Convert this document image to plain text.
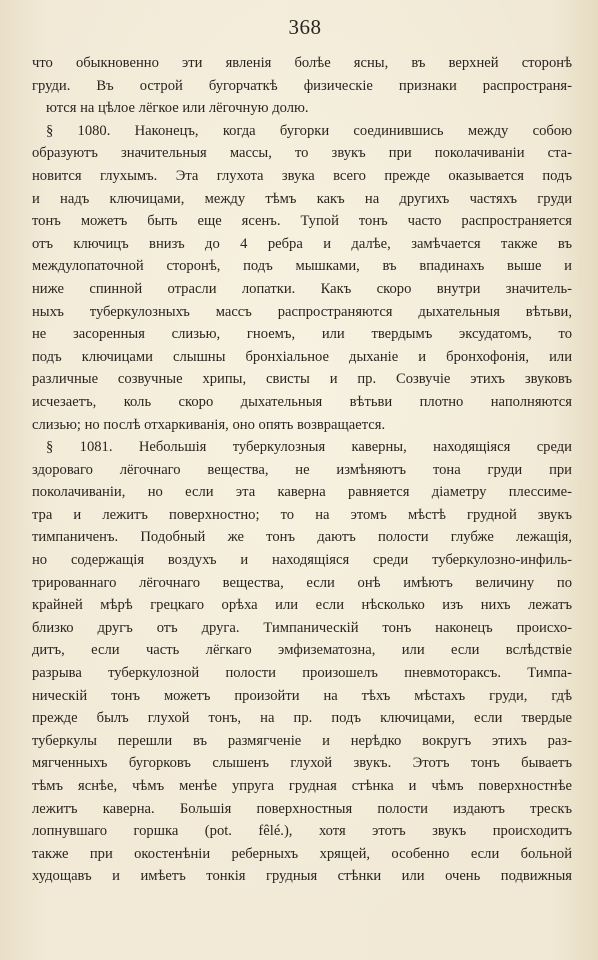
368
что обыкновенно эти явленія болѣе ясны, въ верхней сторонѣ
груди. Въ острой бугорчаткѣ физическіе признаки распространя-
ются на цѣлое лёгкое или лёгочную долю.
§ 1080. Наконецъ, когда бугорки соединившись между собою
образуютъ значительныя массы, то звукъ при поколачиваніи ста-
новится глухымъ. Эта глухота звука всего прежде оказывается подъ
и надъ ключицами, между тѣмъ какъ на другихъ частяхъ груди
тонъ можетъ быть еще ясенъ. Тупой тонъ часто распространяется
отъ ключицъ внизъ до 4 ребра и далѣе, замѣчается также въ
междулопаточной сторонѣ, подъ мышками, въ впадинахъ выше и
ниже спинной отрасли лопатки. Какъ скоро внутри значитель-
ныхъ туберкулозныхъ массъ распространяются дыхательныя вѣтьви,
не засоренныя слизью, гноемъ, или твердымъ эксудатомъ, то
подъ ключицами слышны бронхіальное дыханіе и бронхофонія, или
различные созвучные хрипы, свисты и пр. Созвучіе этихъ звуковъ
исчезаетъ, коль скоро дыхательныя вѣтьви плотно наполняются
слизью; но послѣ отхаркиванія, оно опять возвращается.
§ 1081. Небольшія туберкулозныя каверны, находящіяся среди
здороваго лёгочнаго вещества, не измѣняютъ тона груди при
поколачиваніи, но если эта каверна равняется діаметру плессиме-
тра и лежитъ поверхностно; то на этомъ мѣстѣ грудной звукъ
тимпаниченъ. Подобный же тонъ даютъ полости глубже лежащія,
но содержащія воздухъ и находящіяся среди туберкулозно-инфиль-
трированнаго лёгочнаго вещества, если онѣ имѣютъ величину по
крайней мѣрѣ грецкаго орѣха или если нѣсколько изъ нихъ лежатъ
близко другъ отъ друга. Тимпаническій тонъ наконецъ происхо-
дитъ, если часть лёгкаго эмфизематозна, или если вслѣдствіе
разрыва туберкулозной полости произошелъ пневмотораксъ. Тимпа-
ническій тонъ можетъ произойти на тѣхъ мѣстахъ груди, гдѣ
прежде былъ глухой тонъ, на пр. подъ ключицами, если твердые
туберкулы перешли въ размягченіе и нерѣдко вокругъ этихъ раз-
мягченныхъ бугорковъ слышенъ глухой звукъ. Этотъ тонъ бываетъ
тѣмъ яснѣе, чѣмъ менѣе упруга грудная стѣнка и чѣмъ поверхностнѣе
лежитъ каверна. Большія поверхностныя полости издаютъ трескъ
лопнувшаго горшка (pot. fêlé.), хотя этотъ звукъ происходитъ
также при окостенѣніи реберныхъ хрящей, особенно если больной
худощавъ и имѣетъ тонкія грудныя стѣнки или очень подвижныя
